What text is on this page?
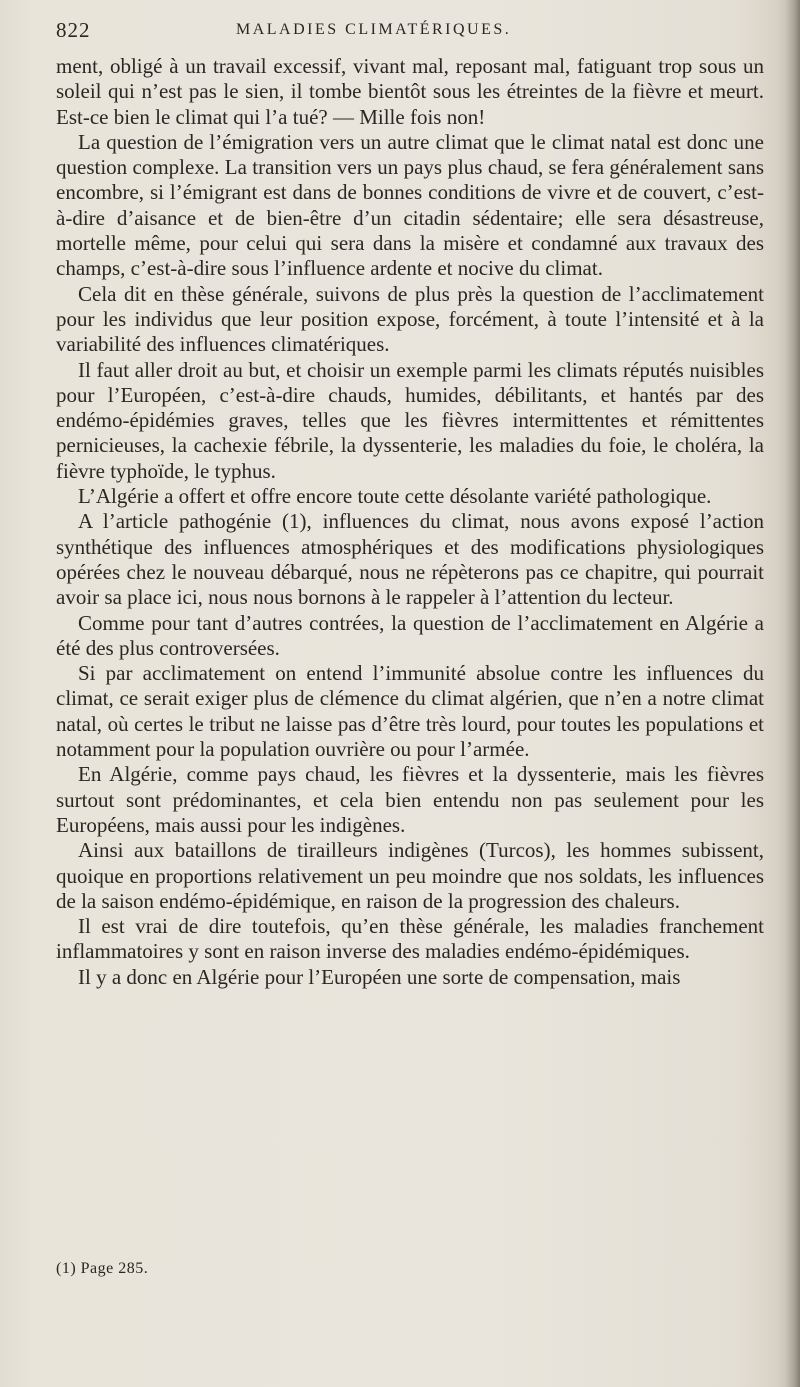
822	MALADIES CLIMATÉRIQUES.

ment, obligé à un travail excessif, vivant mal, reposant mal, fatiguant trop sous un soleil qui n’est pas le sien, il tombe bientôt sous les étreintes de la fièvre et meurt. Est-ce bien le climat qui l’a tué? — Mille fois non!

La question de l’émigration vers un autre climat que le climat natal est donc une question complexe. La transition vers un pays plus chaud, se fera généralement sans encombre, si l’émigrant est dans de bonnes conditions de vivre et de couvert, c’est-à-dire d’aisance et de bien-être d’un citadin sédentaire; elle sera désastreuse, mortelle même, pour celui qui sera dans la misère et condamné aux travaux des champs, c’est-à-dire sous l’influence ardente et nocive du climat.

Cela dit en thèse générale, suivons de plus près la question de l’acclimatement pour les individus que leur position expose, forcément, à toute l’intensité et à la variabilité des influences climatériques.

Il faut aller droit au but, et choisir un exemple parmi les climats réputés nuisibles pour l’Européen, c’est-à-dire chauds, humides, débilitants, et hantés par des endémo-épidémies graves, telles que les fièvres intermittentes et rémittentes pernicieuses, la cachexie fébrile, la dyssenterie, les maladies du foie, le choléra, la fièvre typhoïde, le typhus.

L’Algérie a offert et offre encore toute cette désolante variété pathologique.

A l’article pathogénie (1), influences du climat, nous avons exposé l’action synthétique des influences atmosphériques et des modifications physiologiques opérées chez le nouveau débarqué, nous ne répèterons pas ce chapitre, qui pourrait avoir sa place ici, nous nous bornons à le rappeler à l’attention du lecteur.

Comme pour tant d’autres contrées, la question de l’acclimatement en Algérie a été des plus controversées.

Si par acclimatement on entend l’immunité absolue contre les influences du climat, ce serait exiger plus de clémence du climat algérien, que n’en a notre climat natal, où certes le tribut ne laisse pas d’être très lourd, pour toutes les populations et notamment pour la population ouvrière ou pour l’armée.

En Algérie, comme pays chaud, les fièvres et la dyssenterie, mais les fièvres surtout sont prédominantes, et cela bien entendu non pas seulement pour les Européens, mais aussi pour les indigènes.

Ainsi aux bataillons de tirailleurs indigènes (Turcos), les hommes subissent, quoique en proportions relativement un peu moindre que nos soldats, les influences de la saison endémo-épidémique, en raison de la progression des chaleurs.

Il est vrai de dire toutefois, qu’en thèse générale, les maladies franchement inflammatoires y sont en raison inverse des maladies endémo-épidémiques.

Il y a donc en Algérie pour l’Européen une sorte de compensation, mais

(1) Page 285.
